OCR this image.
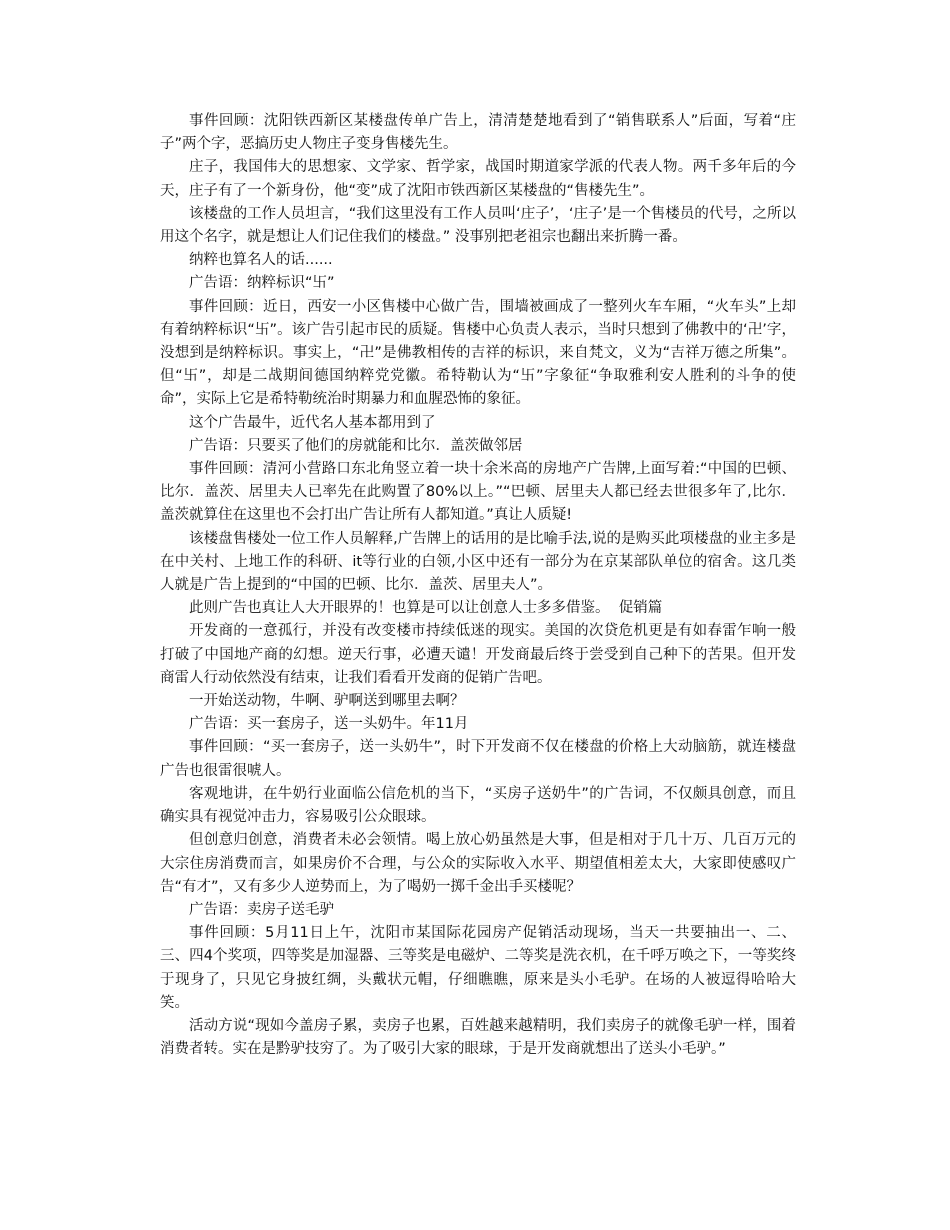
事件回顾：沈阳铁西新区某楼盘传单广告上，清清楚楚地看到了“销售联系人”后面，写着“庄子”两个字，恶搞历史人物庄子变身售楼先生。

庄子，我国伟大的思想家、文学家、哲学家，战国时期道家学派的代表人物。两千多年后的今天，庄子有了一个新身份，他“变”成了沈阳市铁西新区某楼盘的“售楼先生”。

该楼盘的工作人员坦言，“我们这里没有工作人员叫‘庄子’，‘庄子’是一个售楼员的代号，之所以用这个名字，就是想让人们记住我们的楼盘。” 没事别把老祖宗也翻出来折腾一番。

纳粹也算名人的话......

广告语：纳粹标识“卐”

事件回顾：近日，西安一小区售楼中心做广告，围墙被画成了一整列火车车厢，“火车头”上却有着纳粹标识“卐”。该广告引起市民的质疑。售楼中心负责人表示，当时只想到了佛教中的‘卍’字，没想到是纳粹标识。事实上，“卍”是佛教相传的吉祥的标识，来自梵文，义为“吉祥万德之所集”。但“卐”，却是二战期间德国纳粹党党徽。希特勒认为“卐”字象征“争取雅利安人胜利的斗争的使命”，实际上它是希特勒统治时期暴力和血腥恐怖的象征。

这个广告最牛，近代名人基本都用到了

广告语：只要买了他们的房就能和比尔．盖茨做邻居

事件回顾：清河小营路口东北角竖立着一块十余米高的房地产广告牌,上面写着:“中国的巴顿、比尔．盖茨、居里夫人已率先在此购置了80%以上。”“巴顿、居里夫人都已经去世很多年了,比尔．盖茨就算住在这里也不会打出广告让所有人都知道。”真让人质疑!

该楼盘售楼处一位工作人员解释,广告牌上的话用的是比喻手法,说的是购买此项楼盘的业主多是在中关村、上地工作的科研、it等行业的白领,小区中还有一部分为在京某部队单位的宿舍。这几类人就是广告上提到的“中国的巴顿、比尔．盖茨、居里夫人”。

此则广告也真让人大开眼界的！也算是可以让创意人士多多借鉴。  促销篇

开发商的一意孤行，并没有改变楼市持续低迷的现实。美国的次贷危机更是有如春雷乍响一般打破了中国地产商的幻想。逆天行事，必遭天谴！开发商最后终于尝受到自己种下的苦果。但开发商雷人行动依然没有结束，让我们看看开发商的促销广告吧。

一开始送动物，牛啊、驴啊送到哪里去啊？

广告语：买一套房子，送一头奶牛。年11月

事件回顾：“买一套房子，送一头奶牛”，时下开发商不仅在楼盘的价格上大动脑筋，就连楼盘广告也很雷很唬人。

客观地讲，在牛奶行业面临公信危机的当下，“买房子送奶牛”的广告词，不仅颇具创意，而且确实具有视觉冲击力，容易吸引公众眼球。

但创意归创意，消费者未必会领情。喝上放心奶虽然是大事，但是相对于几十万、几百万元的大宗住房消费而言，如果房价不合理，与公众的实际收入水平、期望值相差太大，大家即使感叹广告“有才”，又有多少人逆势而上，为了喝奶一掷千金出手买楼呢？

广告语：卖房子送毛驴

事件回顾：5月11日上午，沈阳市某国际花园房产促销活动现场，当天一共要抽出一、二、三、四4个奖项，四等奖是加湿器、三等奖是电磁炉、二等奖是洗衣机，在千呼万唤之下，一等奖终于现身了，只见它身披红绸，头戴状元帽，仔细瞧瞧，原来是头小毛驴。在场的人被逗得哈哈大笑。

活动方说“现如今盖房子累，卖房子也累，百姓越来越精明，我们卖房子的就像毛驴一样，围着消费者转。实在是黔驴技穷了。为了吸引大家的眼球，于是开发商就想出了送头小毛驴。”
